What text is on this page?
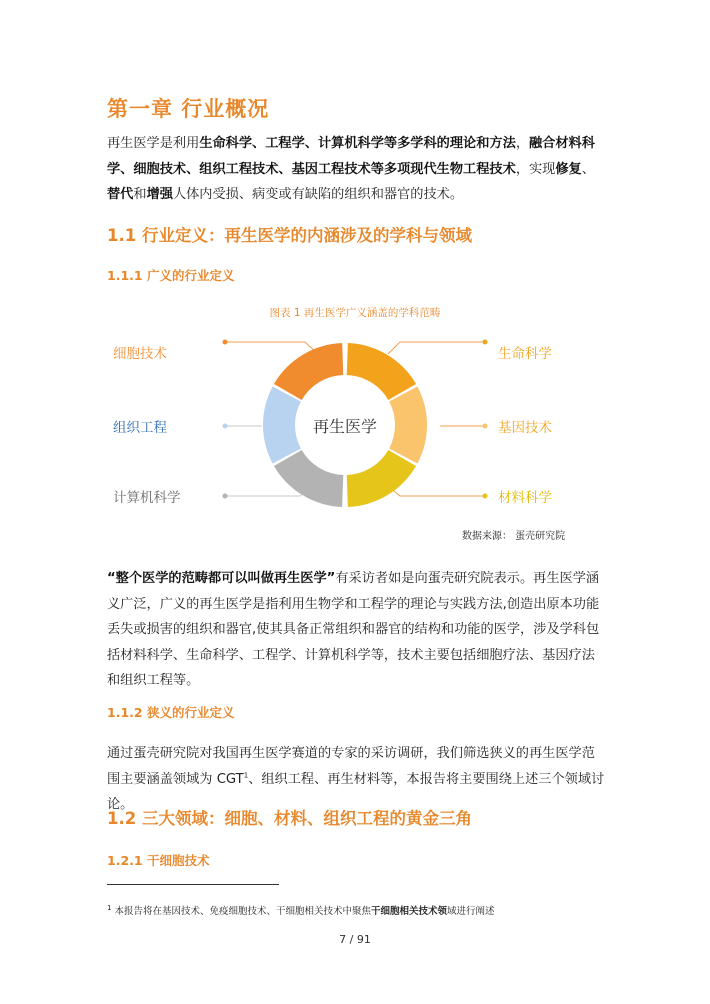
第一章 行业概况
再生医学是利用生命科学、工程学、计算机科学等多学科的理论和方法，融合材料科学、细胞技术、组织工程技术、基因工程技术等多项现代生物工程技术，实现修复、替代和增强人体内受损、病变或有缺陷的组织和器官的技术。
1.1 行业定义：再生医学的内涵涉及的学科与领域
1.1.1 广义的行业定义
图表 1 再生医学广义涵盖的学科范畴
再生医学
细胞技术
组织工程
计算机科学
生命科学
基因技术
材料科学
数据来源： 蛋壳研究院
“整个医学的范畴都可以叫做再生医学”有采访者如是向蛋壳研究院表示。再生医学涵义广泛，广义的再生医学是指利用生物学和工程学的理论与实践方法,创造出原本功能丢失或损害的组织和器官,使其具备正常组织和器官的结构和功能的医学，涉及学科包括材料科学、生命科学、工程学、计算机科学等，技术主要包括细胞疗法、基因疗法和组织工程等。
1.1.2 狭义的行业定义
通过蛋壳研究院对我国再生医学赛道的专家的采访调研，我们筛选狭义的再生医学范围主要涵盖领域为 CGT$^1$、组织工程、再生材料等，本报告将主要围绕上述三个领域讨论。
1.2 三大领域：细胞、材料、组织工程的黄金三角
1.2.1 干细胞技术
$^1$ 本报告将在基因技术、免疫细胞技术、干细胞相关技术中聚焦干细胞相关技术领域进行阐述
7 / 91
